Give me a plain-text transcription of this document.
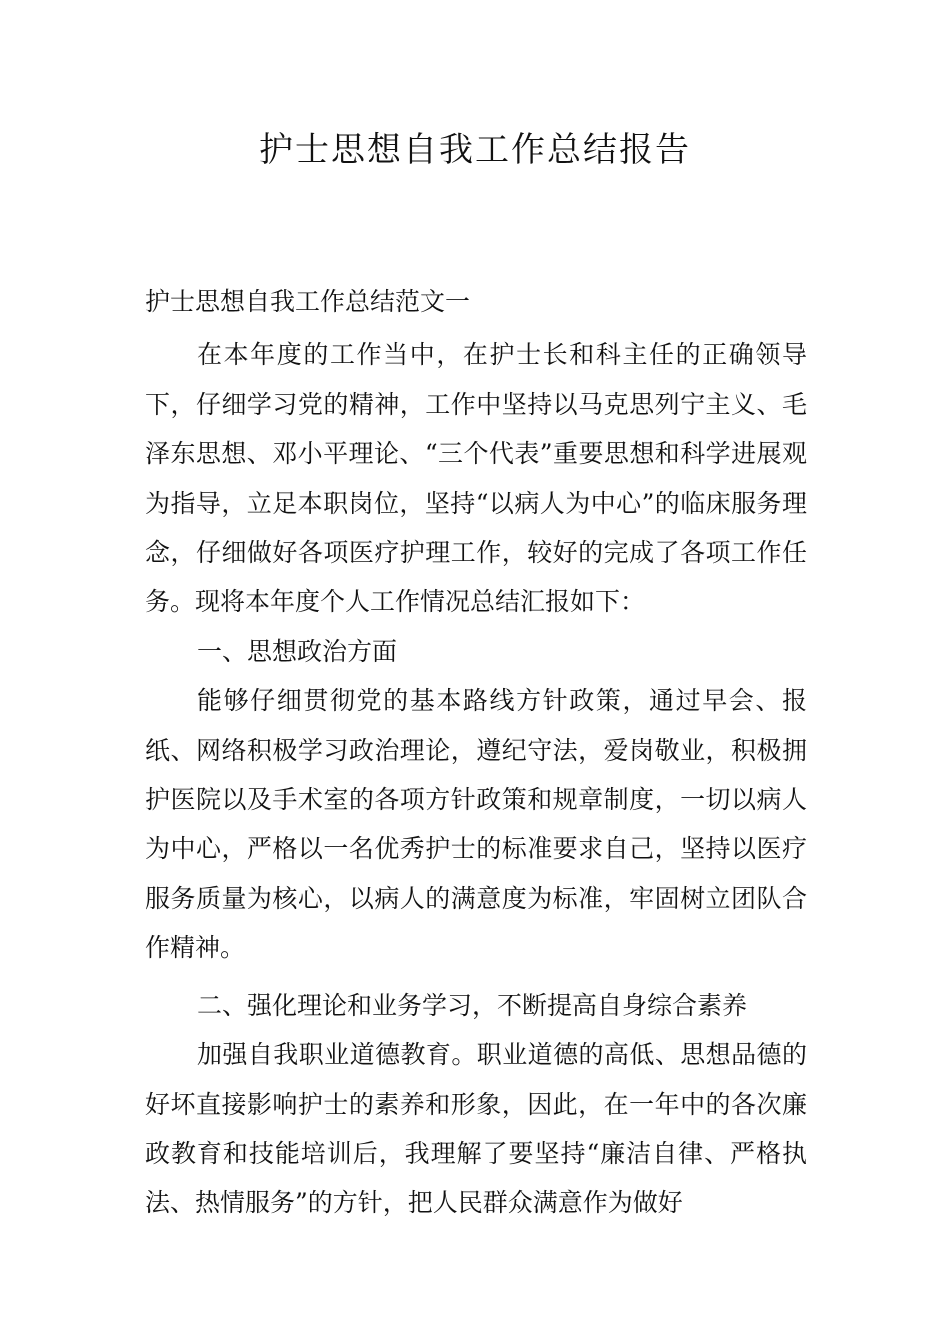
护士思想自我工作总结报告

护士思想自我工作总结范文一

在本年度的工作当中，在护士长和科主任的正确领导下，仔细学习党的精神，工作中坚持以马克思列宁主义、毛泽东思想、邓小平理论、“三个代表”重要思想和科学进展观为指导，立足本职岗位，坚持“以病人为中心”的临床服务理念，仔细做好各项医疗护理工作，较好的完成了各项工作任务。现将本年度个人工作情况总结汇报如下：

一、思想政治方面

能够仔细贯彻党的基本路线方针政策，通过早会、报纸、网络积极学习政治理论，遵纪守法，爱岗敬业，积极拥护医院以及手术室的各项方针政策和规章制度，一切以病人为中心，严格以一名优秀护士的标准要求自己，坚持以医疗服务质量为核心，以病人的满意度为标准，牢固树立团队合作精神。

二、强化理论和业务学习，不断提高自身综合素养

加强自我职业道德教育。职业道德的高低、思想品德的好坏直接影响护士的素养和形象，因此，在一年中的各次廉政教育和技能培训后，我理解了要坚持“廉洁自律、严格执法、热情服务”的方针，把人民群众满意作为做好
